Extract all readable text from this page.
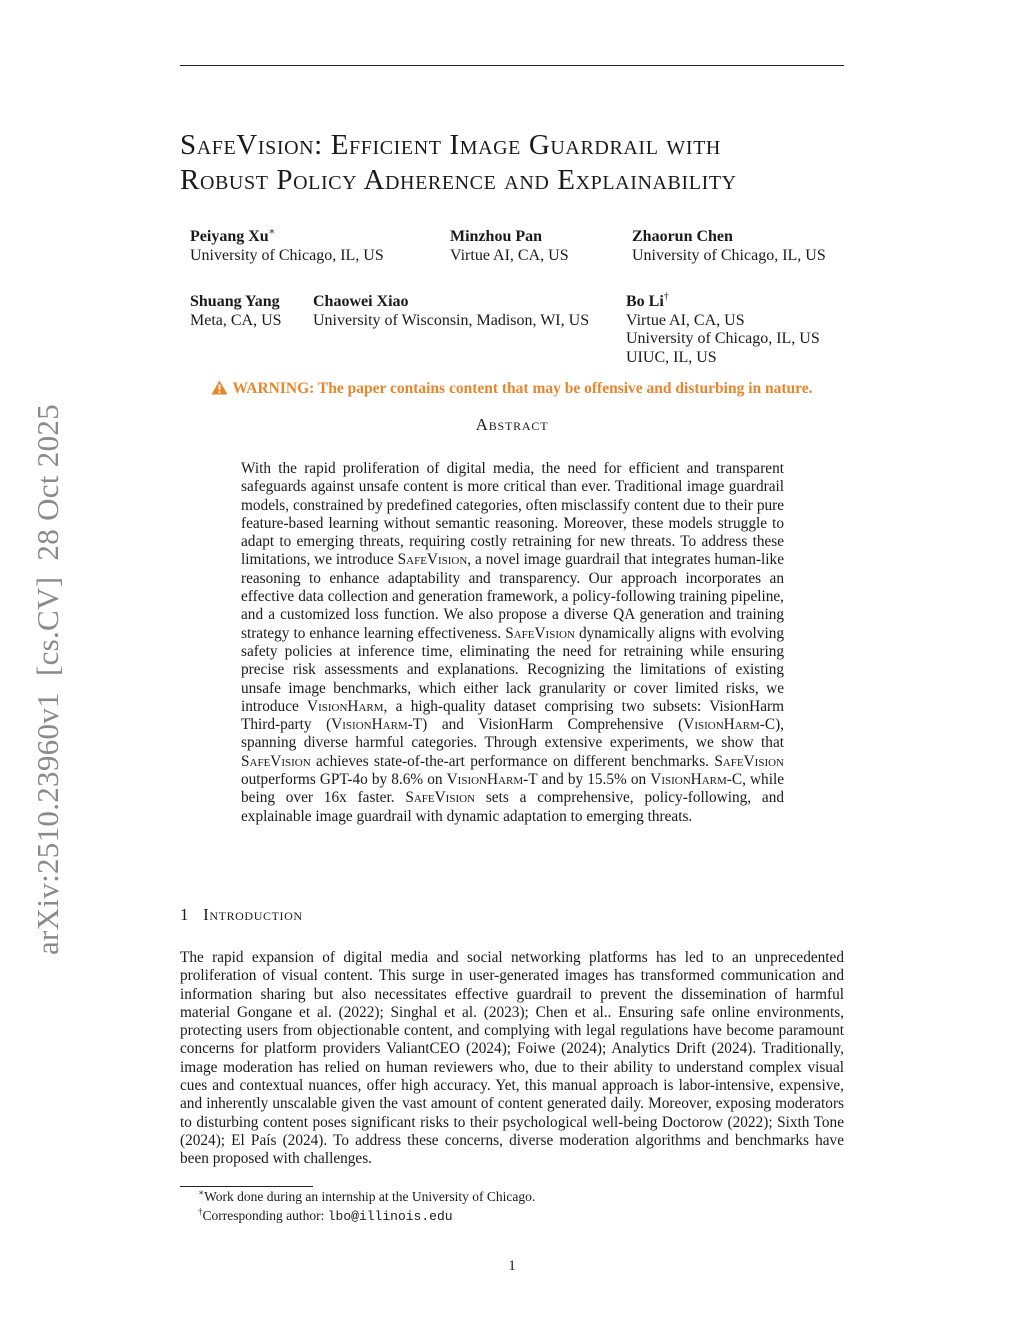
arXiv:2510.23960v1  [cs.CV]  28 Oct 2025
SafeVision: Efficient Image Guardrail with
Robust Policy Adherence and Explainability
Peiyang Xu∗
University of Chicago, IL, US
Minzhou Pan
Virtue AI, CA, US
Zhaorun Chen
University of Chicago, IL, US
Shuang Yang
Meta, CA, US
Chaowei Xiao
University of Wisconsin, Madison, WI, US
Bo Li†
Virtue AI, CA, US
University of Chicago, IL, US
UIUC, IL, US
WARNING: The paper contains content that may be offensive and disturbing in nature.
Abstract

With the rapid proliferation of digital media, the need for efficient and transparent safeguards against unsafe content is more critical than ever. Traditional image guardrail models, constrained by predefined categories, often misclassify content due to their pure feature-based learning without semantic reasoning. Moreover, these models struggle to adapt to emerging threats, requiring costly retraining for new threats. To address these limitations, we introduce SafeVision, a novel image guardrail that integrates human-like reasoning to enhance adaptability and transparency. Our approach incorporates an effective data collection and generation framework, a policy-following training pipeline, and a customized loss function. We also propose a diverse QA generation and training strategy to enhance learning effectiveness. SafeVision dynamically aligns with evolving safety policies at inference time, eliminating the need for retraining while ensuring precise risk assessments and explanations. Recognizing the limitations of existing unsafe image benchmarks, which either lack granularity or cover limited risks, we introduce VisionHarm, a high-quality dataset comprising two subsets: VisionHarm Third-party (VisionHarm-T) and VisionHarm Comprehensive (VisionHarm-C), spanning diverse harmful categories. Through extensive experiments, we show that SafeVision achieves state-of-the-art performance on different benchmarks. SafeVision outperforms GPT-4o by 8.6% on VisionHarm-T and by 15.5% on VisionHarm-C, while being over 16x faster. SafeVision sets a comprehensive, policy-following, and explainable image guardrail with dynamic adaptation to emerging threats.

1 Introduction

The rapid expansion of digital media and social networking platforms has led to an unprecedented proliferation of visual content. This surge in user-generated images has transformed communication and information sharing but also necessitates effective guardrail to prevent the dissemination of harmful material Gongane et al. (2022); Singhal et al. (2023); Chen et al.. Ensuring safe online environments, protecting users from objectionable content, and complying with legal regulations have become paramount concerns for platform providers ValiantCEO (2024); Foiwe (2024); Analytics Drift (2024). Traditionally, image moderation has relied on human reviewers who, due to their ability to understand complex visual cues and contextual nuances, offer high accuracy. Yet, this manual approach is labor-intensive, expensive, and inherently unscalable given the vast amount of content generated daily. Moreover, exposing moderators to disturbing content poses significant risks to their psychological well-being Doctorow (2022); Sixth Tone (2024); El País (2024). To address these concerns, diverse moderation algorithms and benchmarks have been proposed with challenges.

∗Work done during an internship at the University of Chicago.
†Corresponding author: lbo@illinois.edu
1
